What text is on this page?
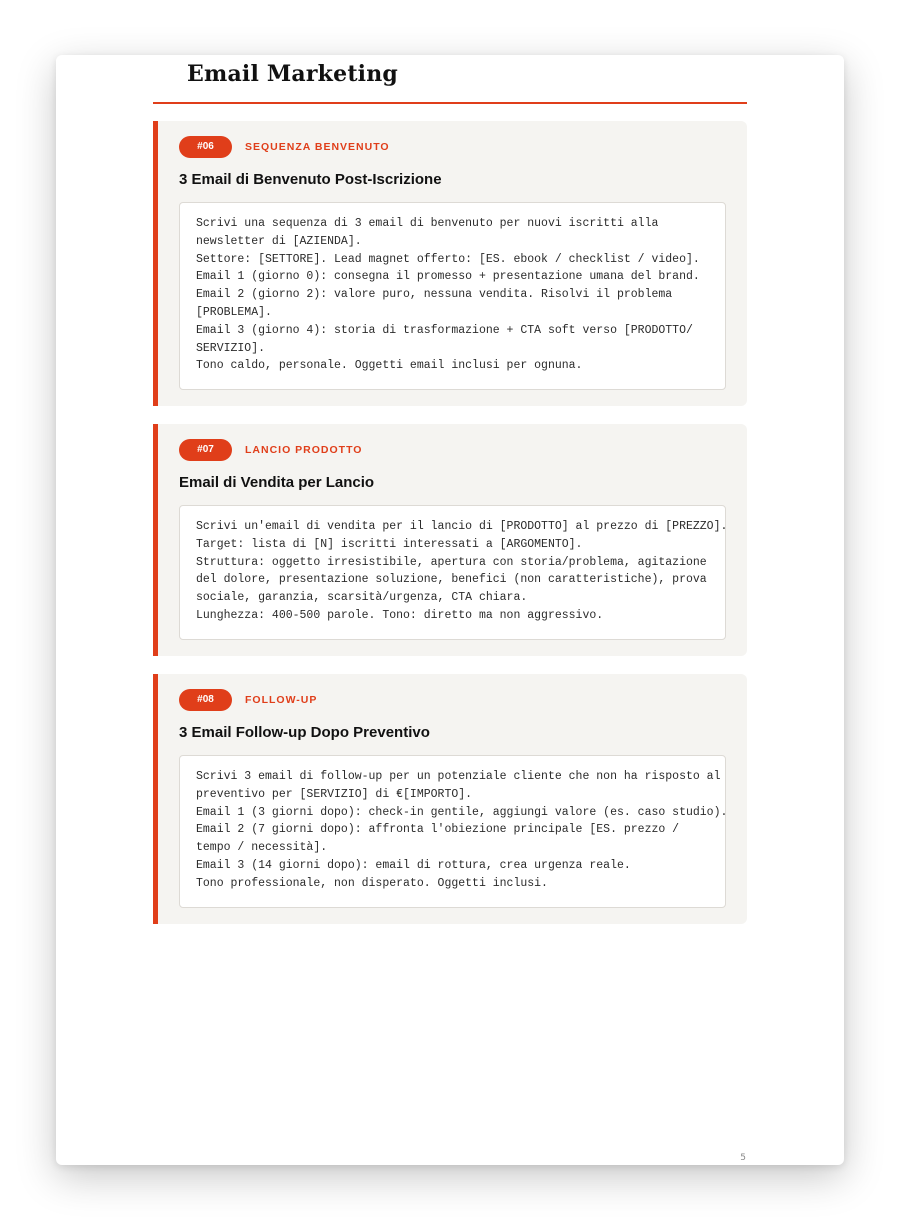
Email Marketing
#06	SEQUENZA BENVENUTO
3 Email di Benvenuto Post-Iscrizione
Scrivi una sequenza di 3 email di benvenuto per nuovi iscritti alla
newsletter di [AZIENDA].
Settore: [SETTORE]. Lead magnet offerto: [ES. ebook / checklist / video].
Email 1 (giorno 0): consegna il promesso + presentazione umana del brand.
Email 2 (giorno 2): valore puro, nessuna vendita. Risolvi il problema
[PROBLEMA].
Email 3 (giorno 4): storia di trasformazione + CTA soft verso [PRODOTTO/
SERVIZIO].
Tono caldo, personale. Oggetti email inclusi per ognuna.
#07	LANCIO PRODOTTO
Email di Vendita per Lancio
Scrivi un'email di vendita per il lancio di [PRODOTTO] al prezzo di [PREZZO].
Target: lista di [N] iscritti interessati a [ARGOMENTO].
Struttura: oggetto irresistibile, apertura con storia/problema, agitazione
del dolore, presentazione soluzione, benefici (non caratteristiche), prova
sociale, garanzia, scarsità/urgenza, CTA chiara.
Lunghezza: 400-500 parole. Tono: diretto ma non aggressivo.
#08	FOLLOW-UP
3 Email Follow-up Dopo Preventivo
Scrivi 3 email di follow-up per un potenziale cliente che non ha risposto al
preventivo per [SERVIZIO] di €[IMPORTO].
Email 1 (3 giorni dopo): check-in gentile, aggiungi valore (es. caso studio).
Email 2 (7 giorni dopo): affronta l'obiezione principale [ES. prezzo /
tempo / necessità].
Email 3 (14 giorni dopo): email di rottura, crea urgenza reale.
Tono professionale, non disperato. Oggetti inclusi.
5
